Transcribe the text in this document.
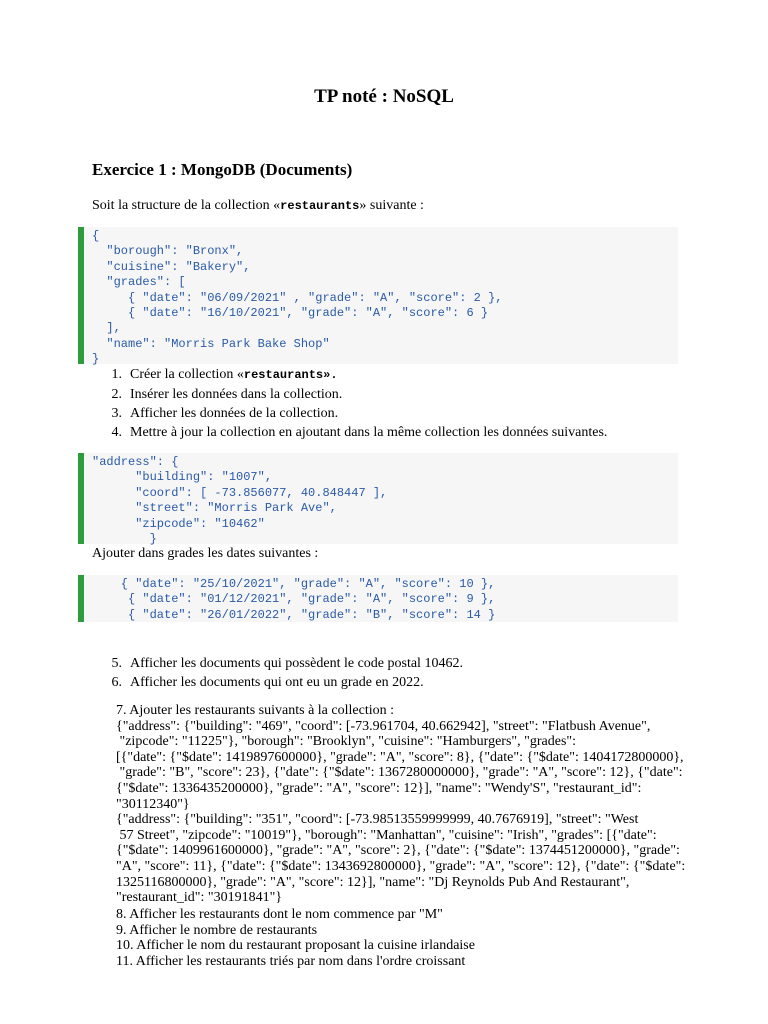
TP noté : NoSQL
Exercice 1 : MongoDB (Documents)
Soit la structure de la collection «restaurants» suivante :
{
"borough": "Bronx",
"cuisine": "Bakery",
"grades": [
{ "date": "06/09/2021" , "grade": "A", "score": 2 },
{ "date": "16/10/2021", "grade": "A", "score": 6 }
],
"name": "Morris Park Bake Shop"
}
1. Créer la collection «restaurants».
2. Insérer les données dans la collection.
3. Afficher les données de la collection.
4. Mettre à jour la collection en ajoutant dans la même collection les données suivantes.
"address": {
"building": "1007",
"coord": [ -73.856077, 40.848447 ],
"street": "Morris Park Ave",
"zipcode": "10462"
}
Ajouter dans grades les dates suivantes :
{ "date": "25/10/2021", "grade": "A", "score": 10 },
{ "date": "01/12/2021", "grade": "A", "score": 9 },
{ "date": "26/01/2022", "grade": "B", "score": 14 }
5. Afficher les documents qui possèdent le code postal 10462.
6. Afficher les documents qui ont eu un grade en 2022.
7. Ajouter les restaurants suivants à la collection :
{"address": {"building": "469", "coord": [-73.961704, 40.662942], "street": "Flatbush Avenue",
"zipcode": "11225"}, "borough": "Brooklyn", "cuisine": "Hamburgers", "grades":
[{"date": {"$date": 1419897600000}, "grade": "A", "score": 8}, {"date": {"$date": 1404172800000},
"grade": "B", "score": 23}, {"date": {"$date": 1367280000000}, "grade": "A", "score": 12}, {"date":
{"$date": 1336435200000}, "grade": "A", "score": 12}], "name": "Wendy'S", "restaurant_id":
"30112340"}
{"address": {"building": "351", "coord": [-73.98513559999999, 40.7676919], "street": "West
57 Street", "zipcode": "10019"}, "borough": "Manhattan", "cuisine": "Irish", "grades": [{"date":
{"$date": 1409961600000}, "grade": "A", "score": 2}, {"date": {"$date": 1374451200000}, "grade":
"A", "score": 11}, {"date": {"$date": 1343692800000}, "grade": "A", "score": 12}, {"date": {"$date":
1325116800000}, "grade": "A", "score": 12}], "name": "Dj Reynolds Pub And Restaurant",
"restaurant_id": "30191841"}
8. Afficher les restaurants dont le nom commence par "M"
9. Afficher le nombre de restaurants
10. Afficher le nom du restaurant proposant la cuisine irlandaise
11. Afficher les restaurants triés par nom dans l'ordre croissant
